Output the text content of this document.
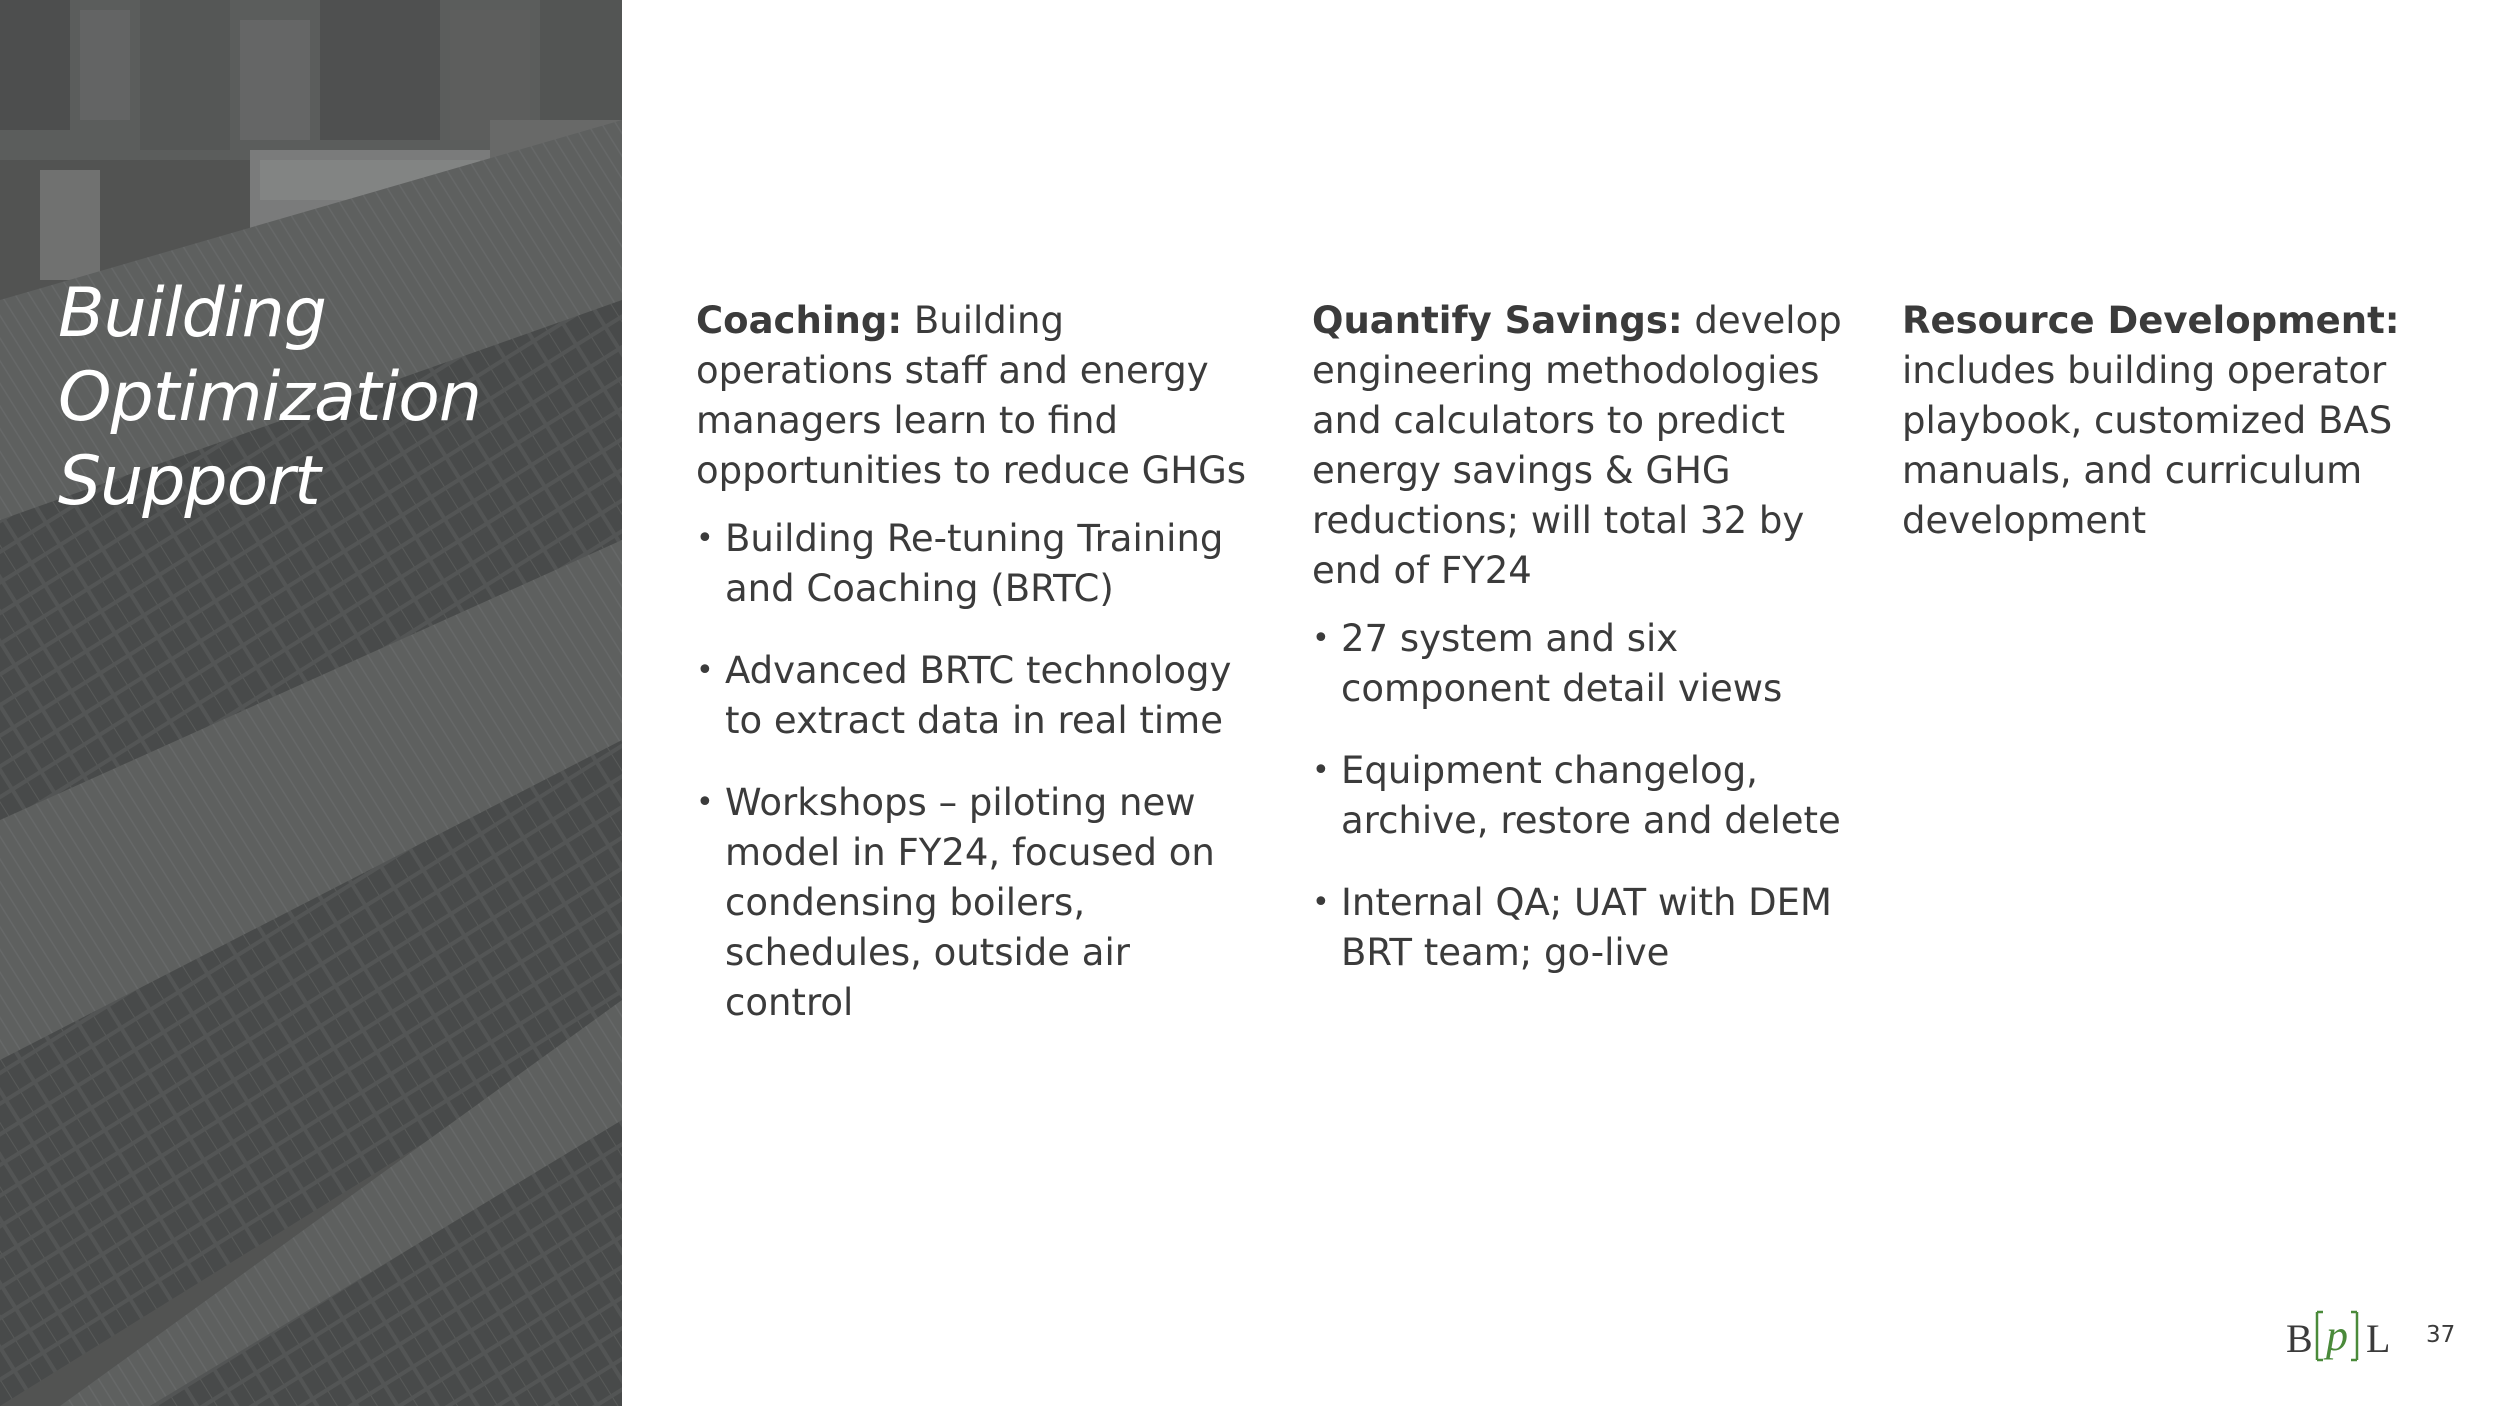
Building
Optimization
Support

Coaching: Building operations staff and energy managers learn to find opportunities to reduce GHGs

• Building Re-tuning Training and Coaching (BRTC)
• Advanced BRTC technology to extract data in real time
• Workshops – piloting new model in FY24, focused on condensing boilers, schedules, outside air control

Quantify Savings: develop engineering methodologies and calculators to predict energy savings & GHG reductions; will total 32 by end of FY24

• 27 system and six component detail views
• Equipment changelog, archive, restore and delete
• Internal QA; UAT with DEM BRT team; go-live

Resource Development: includes building operator playbook, customized BAS manuals, and curriculum development

B p L 37
